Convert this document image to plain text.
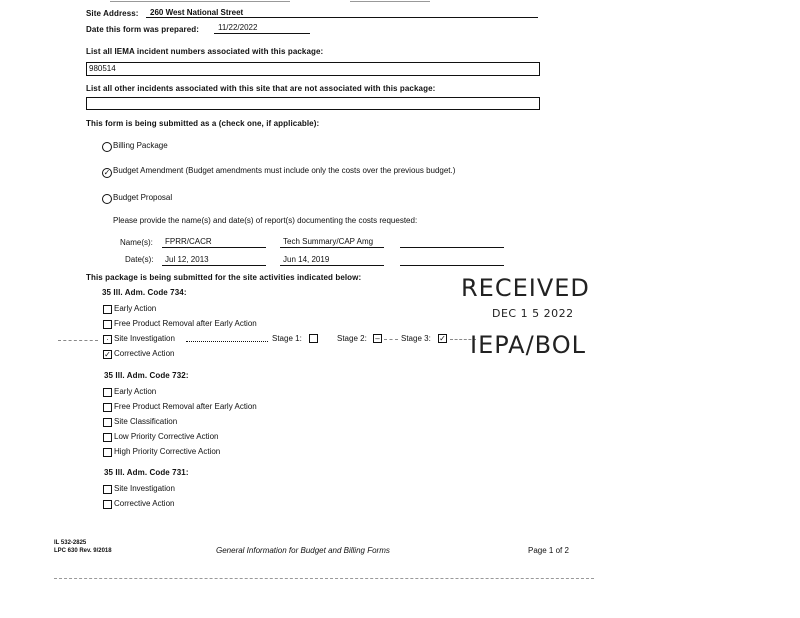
Site Address: 260 West National Street
Date this form was prepared: 11/22/2022
List all IEMA incident numbers associated with this package:
980514
List all other incidents associated with this site that are not associated with this package:
This form is being submitted as a (check one, if applicable):
Billing Package
✓ Budget Amendment (Budget amendments must include only the costs over the previous budget.)
Budget Proposal
Please provide the name(s) and date(s) of report(s) documenting the costs requested:
Name(s): FPRR/CACR	Tech Summary/CAP Amg
Date(s): Jul 12, 2013	Jun 14, 2019
This package is being submitted for the site activities indicated below:
35 Ill. Adm. Code 734:
Early Action
Free Product Removal after Early Action
· Site Investigation	Stage 1:	Stage 2: –	Stage 3: ✓
✓ Corrective Action
35 Ill. Adm. Code 732:
Early Action
Free Product Removal after Early Action
Site Classification
Low Priority Corrective Action
High Priority Corrective Action
35 Ill. Adm. Code 731:
Site Investigation
Corrective Action
RECEIVED
DEC 1 5 2022
IEPA/BOL
IL 532-2825
LPC 630 Rev. 9/2018	General Information for Budget and Billing Forms	Page 1 of 2
